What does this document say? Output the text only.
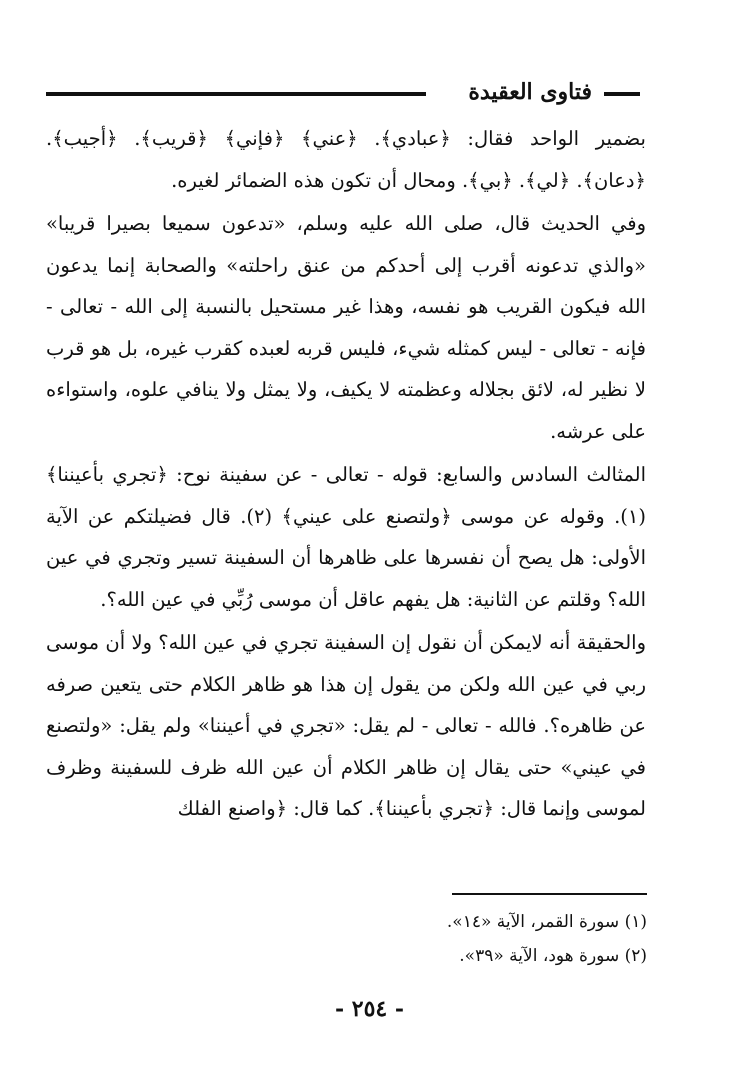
فتاوى العقيدة

بضمير الواحد فقال: ﴿عبادي﴾. ﴿عني﴾ ﴿فإني﴾ ﴿قريب﴾. ﴿أجيب﴾. ﴿دعان﴾. ﴿لي﴾. ﴿بي﴾. ومحال أن تكون هذه الضمائر لغيره.

وفي الحديث قال، صلى الله عليه وسلم، «تدعون سميعا بصيرا قريبا» «والذي تدعونه أقرب إلى أحدكم من عنق راحلته» والصحابة إنما يدعون الله فيكون القريب هو نفسه، وهذا غير مستحيل بالنسبة إلى الله - تعالى - فإنه - تعالى - ليس كمثله شيء، فليس قربه لعبده كقرب غيره، بل هو قرب لا نظير له، لائق بجلاله وعظمته لا يكيف، ولا يمثل ولا ينافي علوه، واستواءه على عرشه.

المثالث السادس والسابع: قوله - تعالى - عن سفينة نوح: ﴿تجري بأعيننا﴾ (١). وقوله عن موسى ﴿ولتصنع على عيني﴾ (٢). قال فضيلتكم عن الآية الأولى: هل يصح أن نفسرها على ظاهرها أن السفينة تسير وتجري في عين الله؟ وقلتم عن الثانية: هل يفهم عاقل أن موسى رُبِّي في عين الله؟.

والحقيقة أنه لايمكن أن نقول إن السفينة تجري في عين الله؟ ولا أن موسى ربي في عين الله ولكن من يقول إن هذا هو ظاهر الكلام حتى يتعين صرفه عن ظاهره؟. فالله - تعالى - لم يقل: «تجري في أعيننا» ولم يقل: «ولتصنع في عيني» حتى يقال إن ظاهر الكلام أن عين الله ظرف للسفينة وظرف لموسى وإنما قال: ﴿تجري بأعيننا﴾. كما قال: ﴿واصنع الفلك

(١) سورة القمر، الآية «١٤».
(٢) سورة هود، الآية «٣٩».
- ٢٥٤ -
